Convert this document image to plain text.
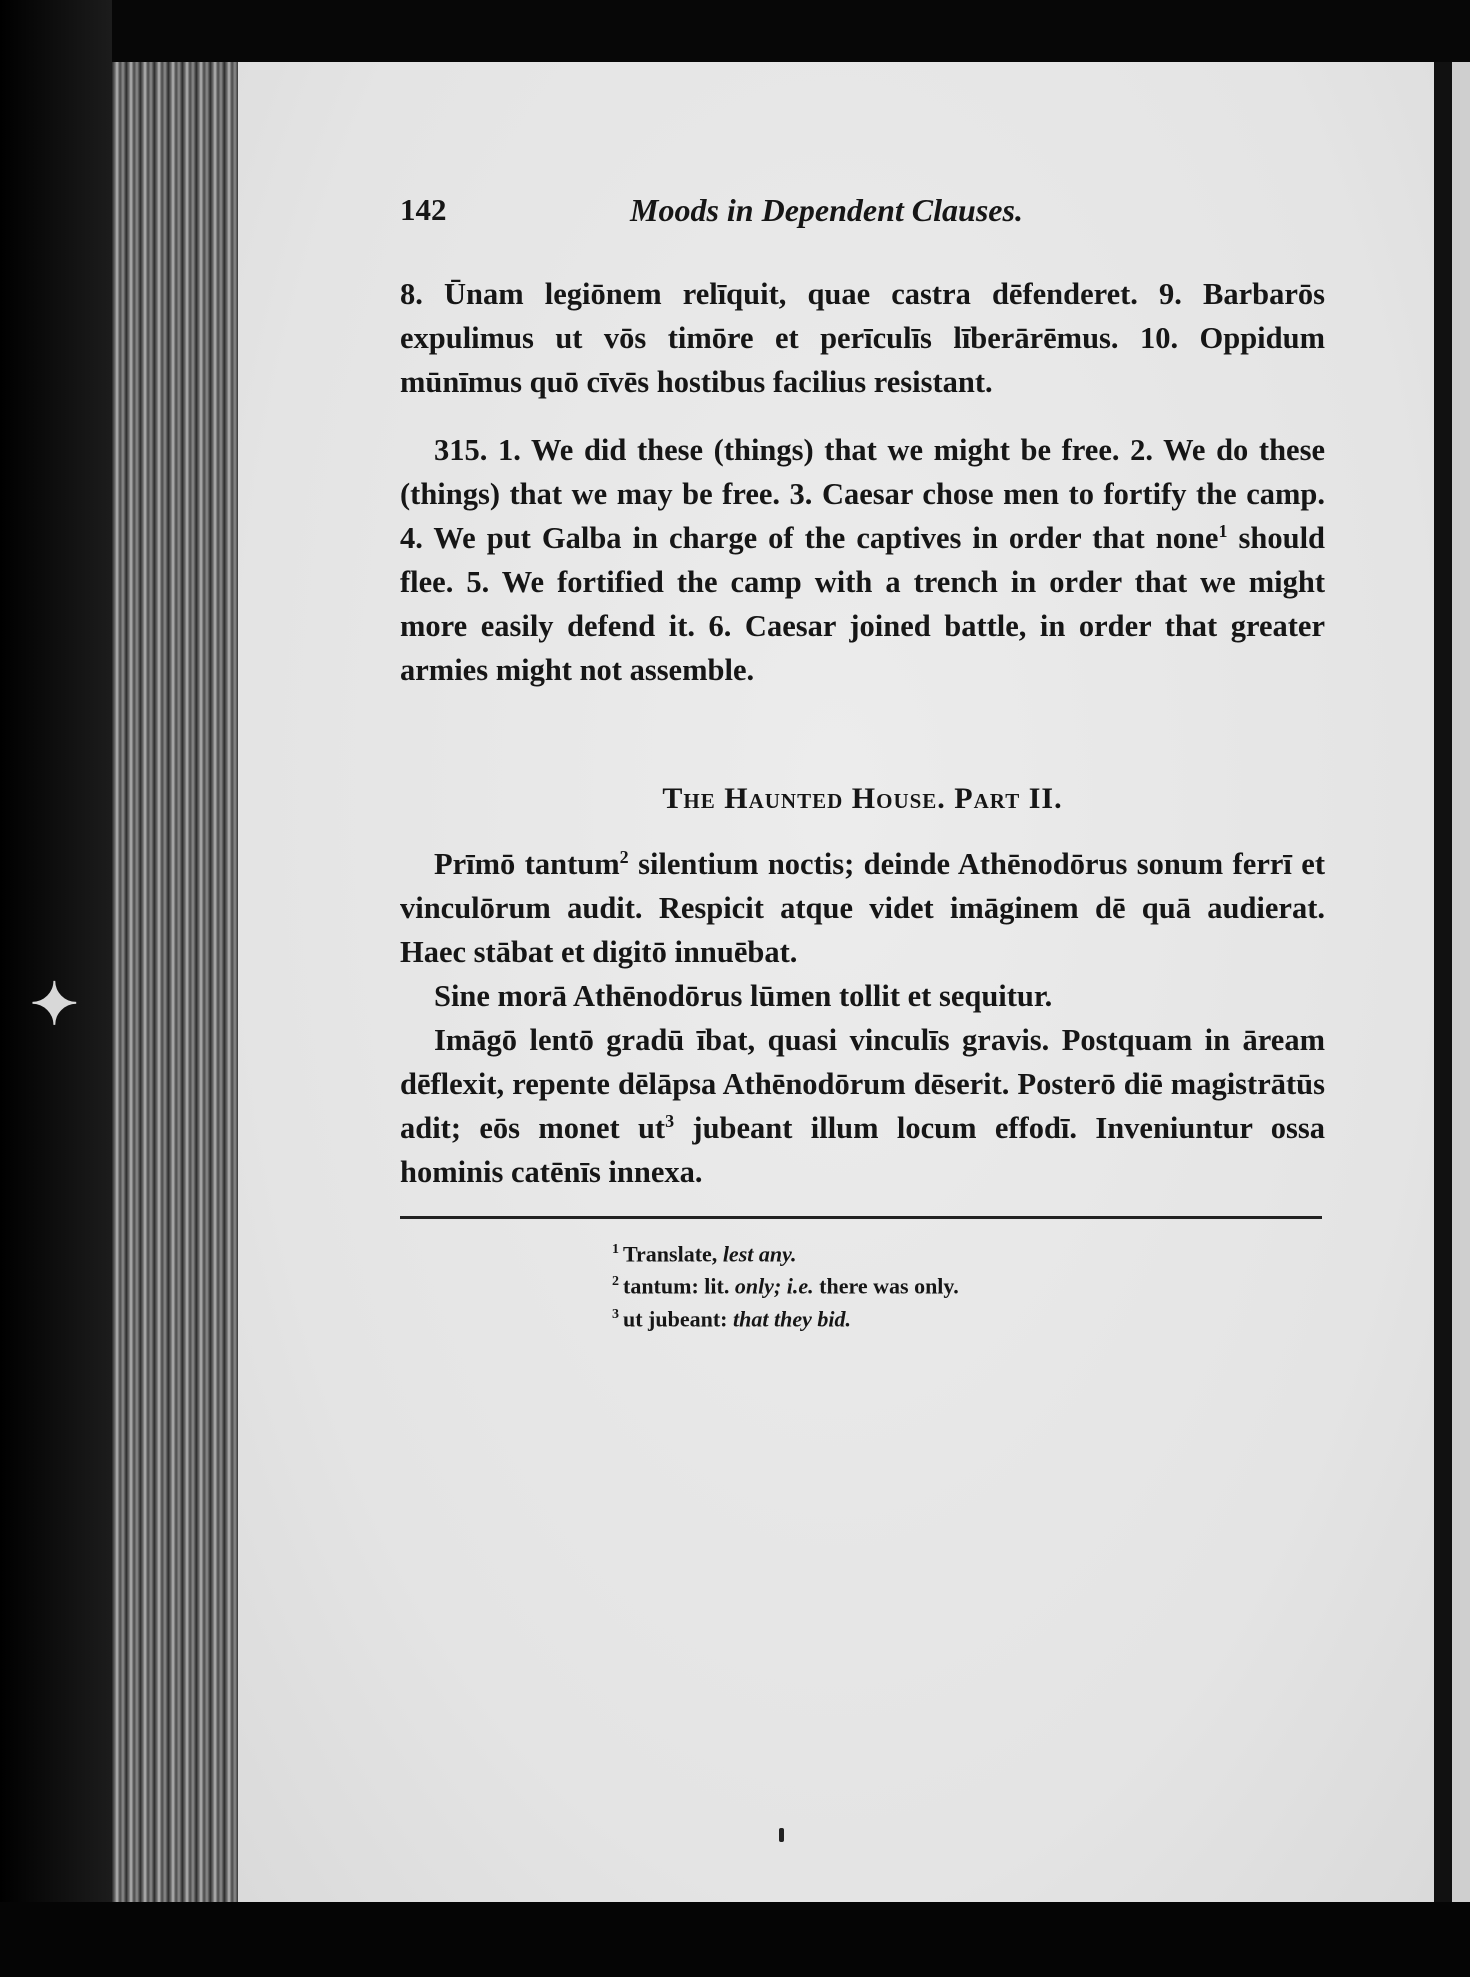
✦
142	Moods in Dependent Clauses.
8. Ūnam legiōnem relīquit, quae castra dēfenderet. 9. Barbarōs expulimus ut vōs timōre et perīculīs līberārēmus. 10. Oppidum mūnīmus quō cīvēs hostibus facilius resistant.
315. 1. We did these (things) that we might be free. 2. We do these (things) that we may be free. 3. Caesar chose men to fortify the camp. 4. We put Galba in charge of the captives in order that none$^1$ should flee. 5. We fortified the camp with a trench in order that we might more easily defend it. 6. Caesar joined battle, in order that greater armies might not assemble.
The Haunted House. Part II.

Prīmō tantum$^2$ silentium noctis; deinde Athēnodōrus sonum ferrī et vinculōrum audit. Respicit atque videt imāginem dē quā audierat. Haec stābat et digitō innuēbat.

Sine morā Athēnodōrus lūmen tollit et sequitur.

Imāgō lentō gradū ībat, quasi vinculīs gravis. Postquam in āream dēflexit, repente dēlāpsa Athēnodōrum dēserit. Posterō diē magistrātūs adit; eōs monet $ut^3$ jubeant illum locum effodī. Inveniuntur ossa hominis catēnīs innexa.

$^1$ Translate, lest any.
$^2$ tantum: lit. only; i.e. there was only.
$^3$ ut jubeant: that they bid.
